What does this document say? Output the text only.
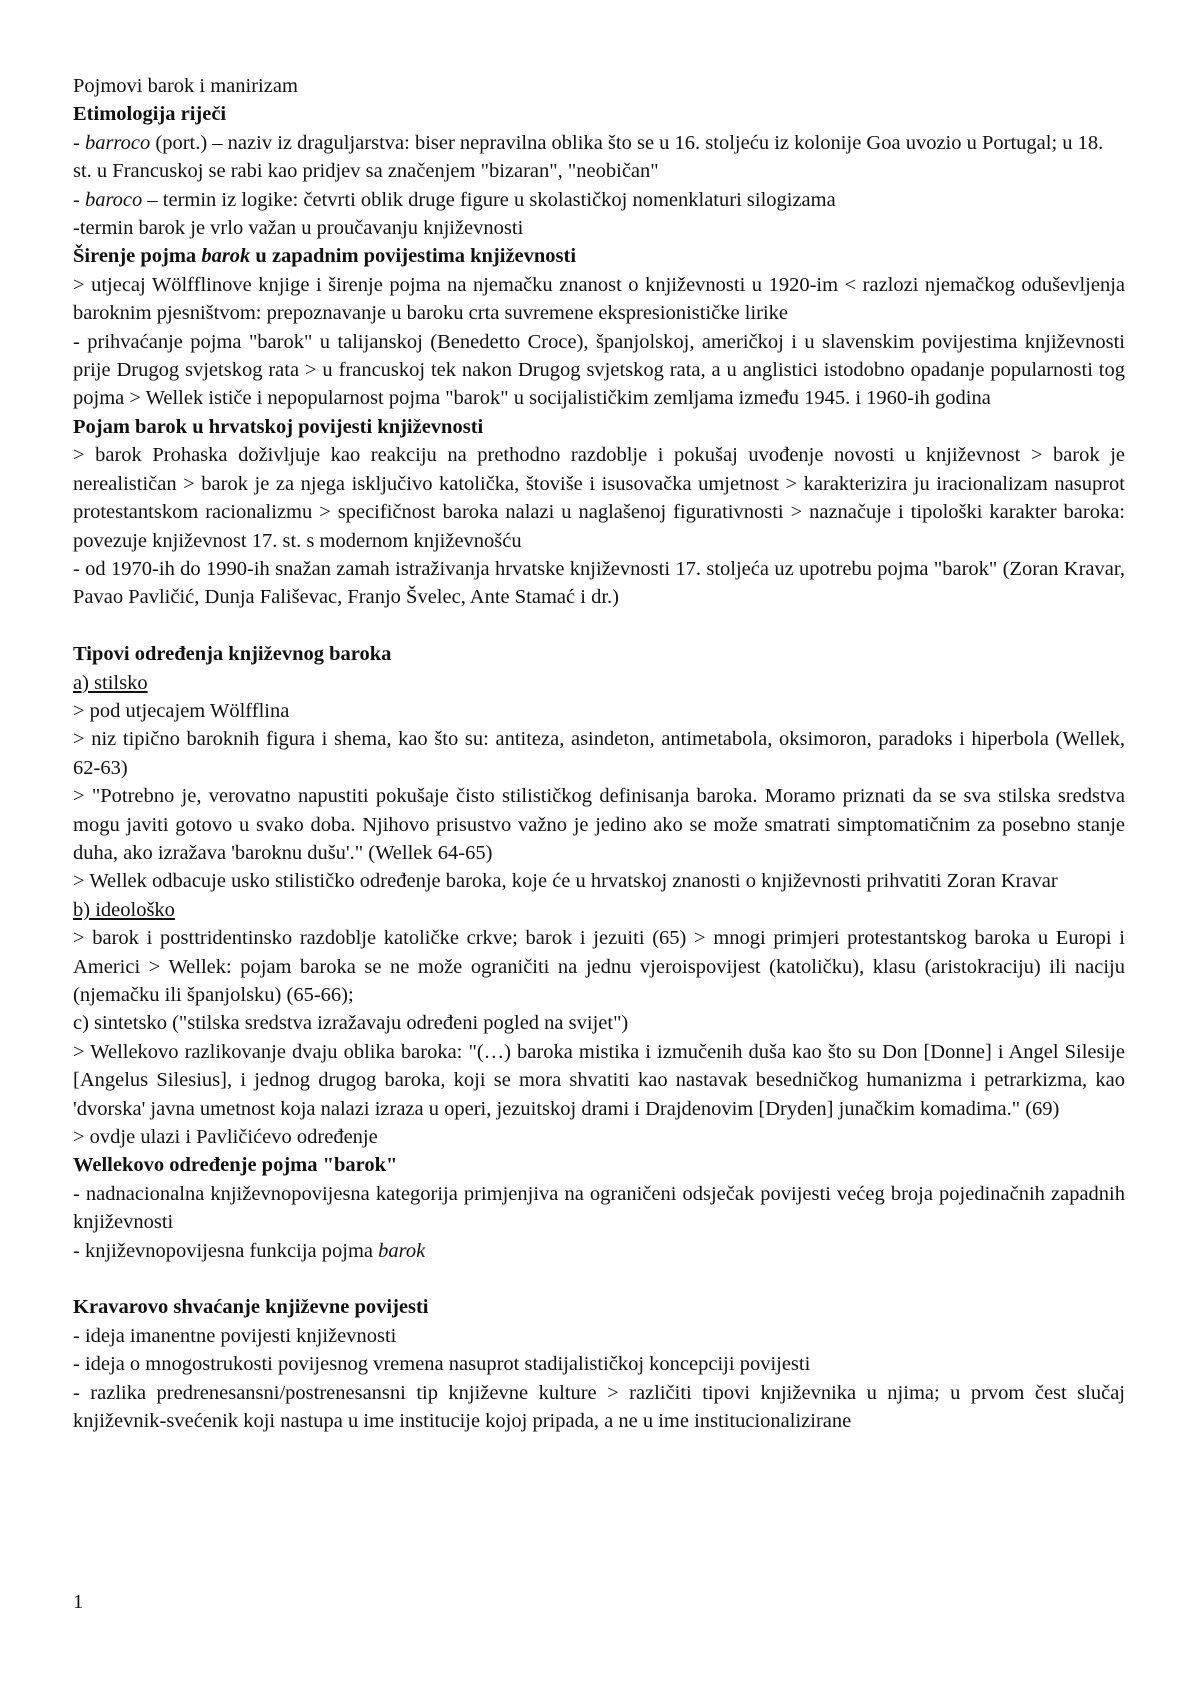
Pojmovi barok i manirizam

Etimologija riječi

- barroco (port.) – naziv iz draguljarstva: biser nepravilna oblika što se u 16. stoljeću iz kolonije Goa uvozio u Portugal; u 18. st. u Francuskoj se rabi kao pridjev sa značenjem "bizaran", "neobičan"

- baroco – termin iz logike: četvrti oblik druge figure u skolastičkoj nomenklaturi silogizama

-termin barok je vrlo važan u proučavanju književnosti

Širenje pojma barok u zapadnim povijestima književnosti

> utjecaj Wölfflinove knjige i širenje pojma na njemačku znanost o književnosti u 1920-im < razlozi njemačkog oduševljenja baroknim pjesništvom: prepoznavanje u baroku crta suvremene ekspresionističke lirike

- prihvaćanje pojma "barok" u talijanskoj (Benedetto Croce), španjolskoj, američkoj i u slavenskim povijestima književnosti prije Drugog svjetskog rata > u francuskoj tek nakon Drugog svjetskog rata, a u anglistici istodobno opadanje popularnosti tog pojma > Wellek ističe i nepopularnost pojma "barok" u socijalističkim zemljama između 1945. i 1960-ih godina

Pojam barok u hrvatskoj povijesti književnosti

> barok Prohaska doživljuje kao reakciju na prethodno razdoblje i pokušaj uvođenje novosti u književnost > barok je nerealističan > barok je za njega isključivo katolička, štoviše i isusovačka umjetnost > karakterizira ju iracionalizam nasuprot protestantskom racionalizmu > specifičnost baroka nalazi u naglašenoj figurativnosti > naznačuje i tipološki karakter baroka: povezuje književnost 17. st. s modernom književnošću

- od 1970-ih do 1990-ih snažan zamah istraživanja hrvatske književnosti 17. stoljeća uz upotrebu pojma "barok" (Zoran Kravar, Pavao Pavličić, Dunja Fališevac, Franjo Švelec, Ante Stamać i dr.)

Tipovi određenja književnog baroka

a) stilsko

> pod utjecajem Wölfflina

> niz tipično baroknih figura i shema, kao što su: antiteza, asindeton, antimetabola, oksimoron, paradoks i hiperbola (Wellek, 62-63)

> "Potrebno je, verovatno napustiti pokušaje čisto stilističkog definisanja baroka. Moramo priznati da se sva stilska sredstva mogu javiti gotovo u svako doba. Njihovo prisustvo važno je jedino ako se može smatrati simptomatičnim za posebno stanje duha, ako izražava 'baroknu dušu'." (Wellek 64-65)

> Wellek odbacuje usko stilističko određenje baroka, koje će u hrvatskoj znanosti o književnosti prihvatiti Zoran Kravar

b) ideološko

> barok i posttridentinsko razdoblje katoličke crkve; barok i jezuiti (65) > mnogi primjeri protestantskog baroka u Europi i Americi > Wellek: pojam baroka se ne može ograničiti na jednu vjeroispovijest (katoličku), klasu (aristokraciju) ili naciju (njemačku ili španjolsku) (65-66);

c) sintetsko ("stilska sredstva izražavaju određeni pogled na svijet")

> Wellekovo razlikovanje dvaju oblika baroka: "(…) baroka mistika i izmučenih duša kao što su Don [Donne] i Angel Silesije [Angelus Silesius], i jednog drugog baroka, koji se mora shvatiti kao nastavak besedničkog humanizma i petrarkizma, kao 'dvorska' javna umetnost koja nalazi izraza u operi, jezuitskoj drami i Drajdenovim [Dryden] junačkim komadima." (69)

> ovdje ulazi i Pavličićevo određenje

Wellekovo određenje pojma "barok"

- nadnacionalna književnopovijesna kategorija primjenjiva na ograničeni odsječak povijesti većeg broja pojedinačnih zapadnih književnosti

- književnopovijesna funkcija pojma barok

Kravarovo shvaćanje književne povijesti

- ideja imanentne povijesti književnosti

- ideja o mnogostrukosti povijesnog vremena nasuprot stadijalističkoj koncepciji povijesti

- razlika predrenesansni/postrenesansni tip književne kulture > različiti tipovi književnika u njima; u prvom čest slučaj književnik-svećenik koji nastupa u ime institucije kojoj pripada, a ne u ime institucionalizirane

1
